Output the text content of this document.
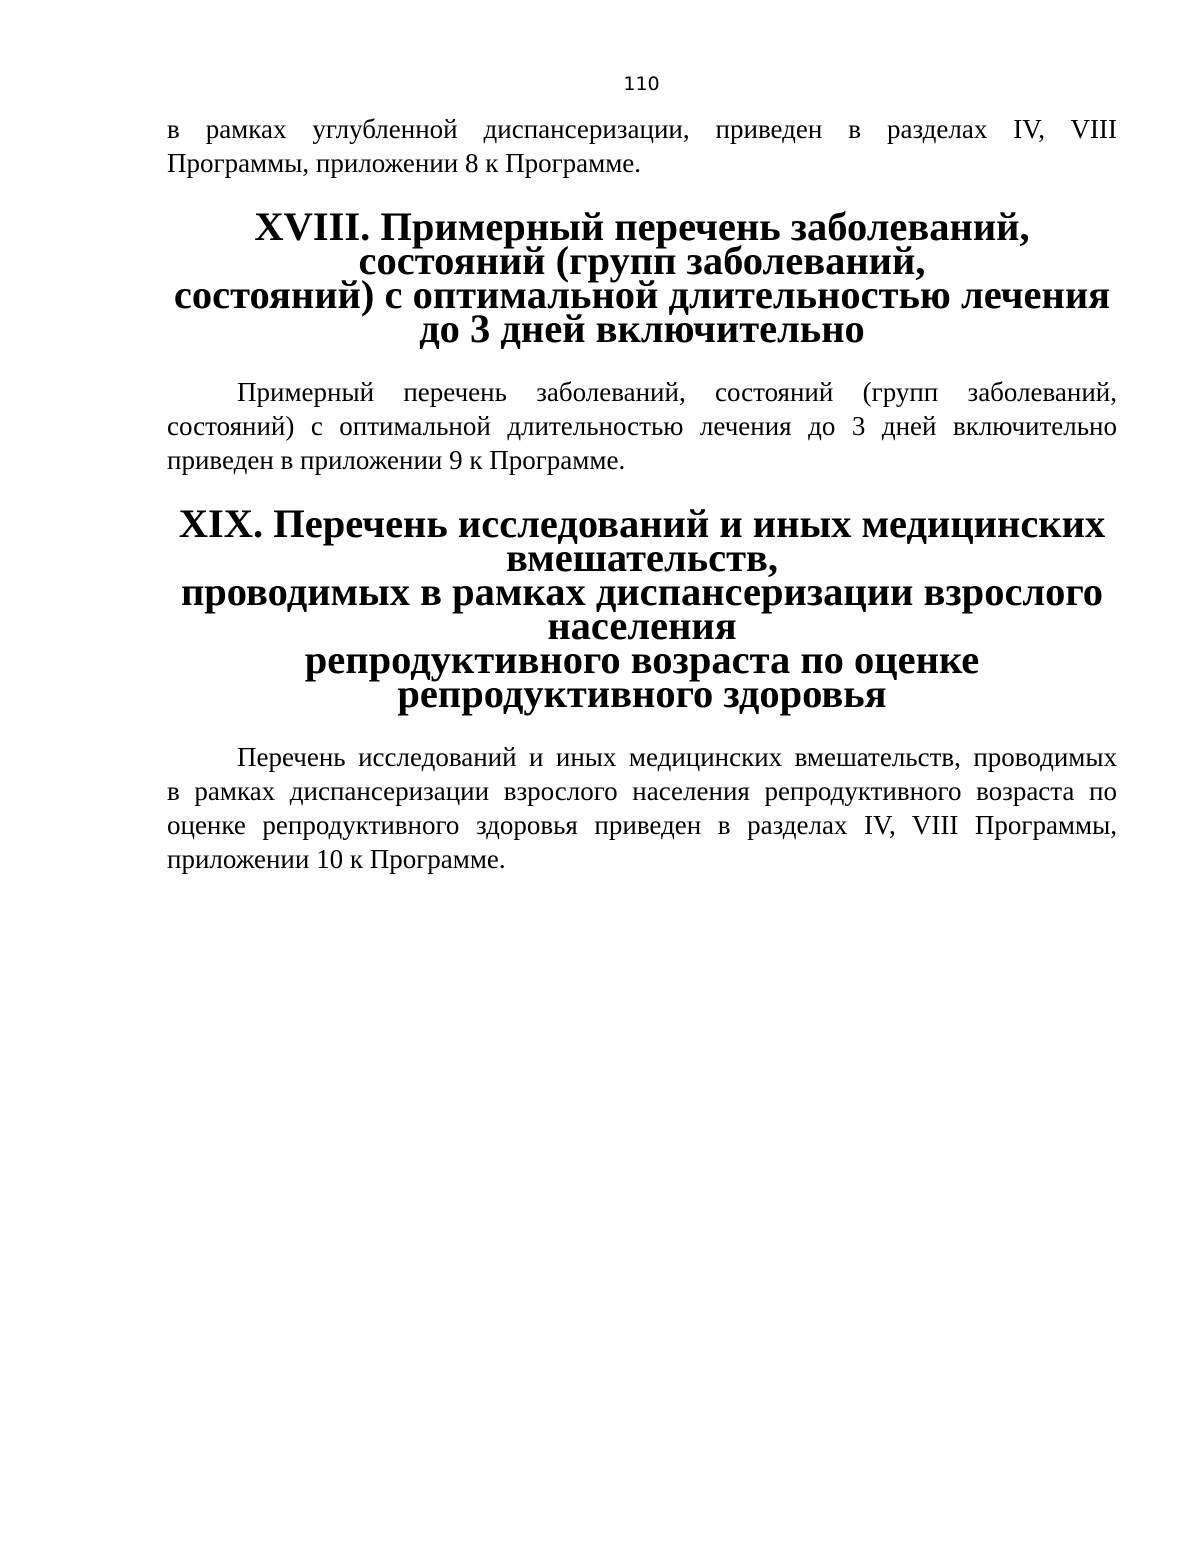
110

в рамках углубленной диспансеризации, приведен в разделах IV, VIII
Программы, приложении 8 к Программе.

XVIII. Примерный перечень заболеваний, состояний (групп заболеваний,
состояний) с оптимальной длительностью лечения до 3 дней включительно

Примерный перечень заболеваний, состояний (групп заболеваний,
состояний) с оптимальной длительностью лечения до 3 дней включительно
приведен в приложении 9 к Программе.

XIX. Перечень исследований и иных медицинских вмешательств,
проводимых в рамках диспансеризации взрослого населения
репродуктивного возраста по оценке репродуктивного здоровья

Перечень исследований и иных медицинских вмешательств, проводимых
в рамках диспансеризации взрослого населения репродуктивного возраста по
оценке репродуктивного здоровья приведен в разделах IV, VIII Программы,
приложении 10 к Программе.
